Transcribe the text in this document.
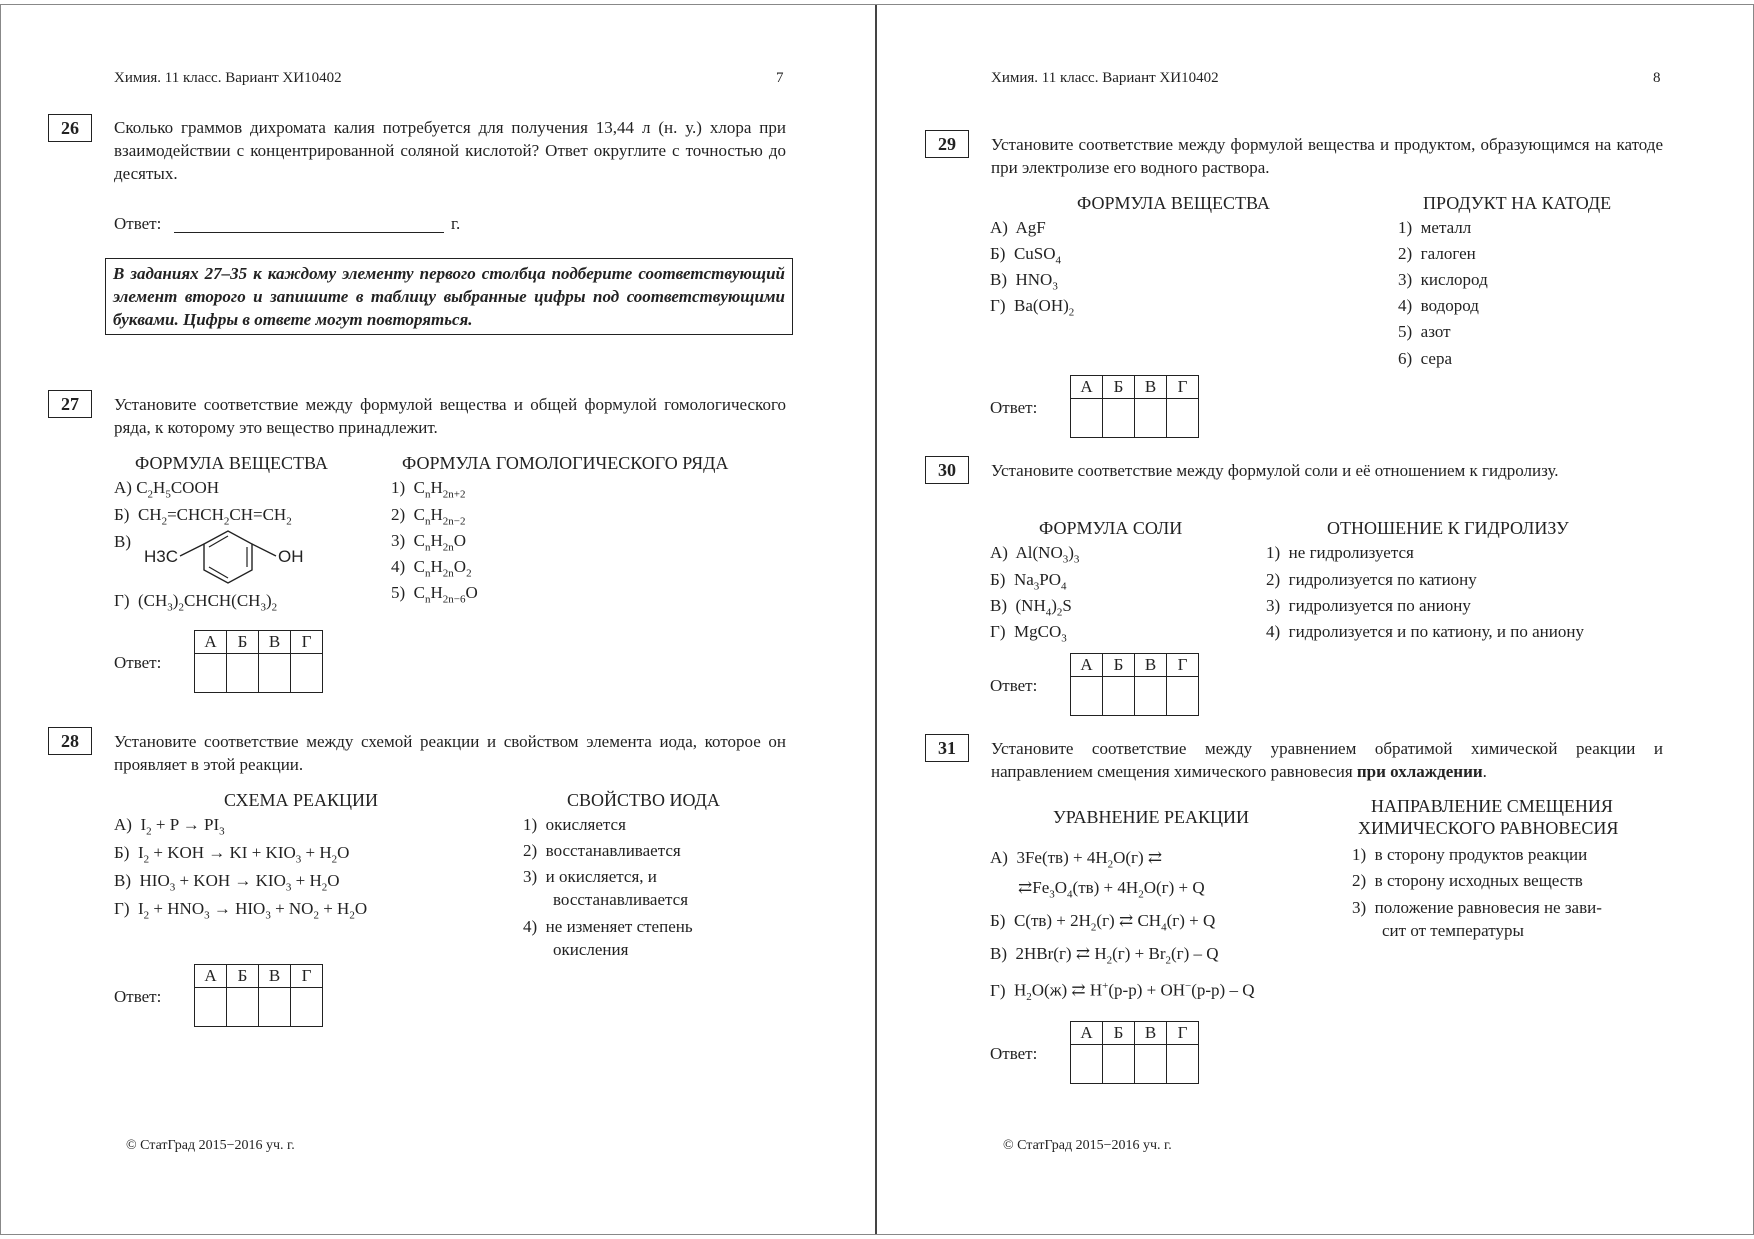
Химия. 11 класс. Вариант ХИ10402	7
26	Сколько граммов дихромата калия потребуется для получения 13,44 л (н. у.) хлора при взаимодействии с концентрированной соляной кислотой? Ответ округлите с точностью до десятых.
Ответ:	г.
В заданиях 27–35 к каждому элементу первого столбца подберите соответствующий элемент второго и запишите в таблицу выбранные цифры под соответствующими буквами. Цифры в ответе могут повторяться.
27	Установите соответствие между формулой вещества и общей формулой гомологического ряда, к которому это вещество принадлежит.
ФОРМУЛА ВЕЩЕСТВА	ФОРМУЛА ГОМОЛОГИЧЕСКОГО РЯДА
А) $C_2H_5COOH$
Б)  $CH_2=CHCH_2CH=CH_2$
В)
H3C	OH
Г)  $(CH_3)_2CHCH(CH_3)_2$
1)  $C_nH_{2n+2}$
2)  $C_nH_{2n-2}$
3)  $C_nH_{2n}O$
4)  $C_nH_{2n}O_2$
5)  $C_nH_{2n-6}O$
Ответ:
А	Б	В	Г

28	Установите соответствие между схемой реакции и свойством элемента иода, которое он проявляет в этой реакции.
СХЕМА РЕАКЦИИ	СВОЙСТВО ИОДА
А)  $I_2 + P \to PI_3$
Б)  $I_2$ + KOH → KI + $KIO_3 + H_2O$
В)  $HIO_3$ + KOH → $KIO_3 + H_2O$
Г)  $I_2 + HNO_3 \to HIO_3 + NO_2 + H_2O$
1) окисляется
2) восстанавливается
3) и окисляется, и
восстанавливается
4) не изменяет степень
окисления
Ответ:
А	Б	В	Г

© СтатГрад 2015−2016 уч. г.
Химия. 11 класс. Вариант ХИ10402	8
29	Установите соответствие между формулой вещества и продуктом, образующимся на катоде при электролизе его водного раствора.
ФОРМУЛА ВЕЩЕСТВА	ПРОДУКТ НА КАТОДЕ
А)  AgF
Б)  CuSO$_4$
В)  $HNO_3$
Г)  $Ba(OH)_2$
1) металл
2) галоген
3) кислород
4) водород
5) азот
6) сера
Ответ:
А	Б	В	Г

30	Установите соответствие между формулой соли и её отношением к гидролизу.
ФОРМУЛА СОЛИ	ОТНОШЕНИЕ К ГИДРОЛИЗУ
А)  $Al(NO_3)_3$
Б)  $Na_3PO_4$
В)  $(NH_4)_2S$
Г)  MgCO$_3$
1) не гидролизуется
2) гидролизуется по катиону
3) гидролизуется по аниону
4) гидролизуется и по катиону, и по аниону
Ответ:
А	Б	В	Г

31	Установите соответствие между уравнением обратимой химической реакции и направлением смещения химического равновесия при охлаждении.
УРАВНЕНИЕ РЕАКЦИИ
НАПРАВЛЕНИЕ СМЕЩЕНИЯ
ХИМИЧЕСКОГО РАВНОВЕСИЯ
А)  $3Fe(тв) + 4H_2O(г)$ ⇄
$⇄Fe_3O_4(тв) + 4H_2O(г) + Q$
Б)  $C(тв) + 2H_2(г)$ ⇄ $CH_4(г) + Q$
В)  2HBr(г) ⇄ $H_2(г) + Br_2(г) - Q$
Г)  $H_2O(ж)$ ⇄ H+(р-р) + OH−(р-р) – Q
1) в сторону продуктов реакции
2) в сторону исходных веществ
3) положение равновесия не зави-
сит от температуры
Ответ:
А	Б	В	Г

© СтатГрад 2015−2016 уч. г.
